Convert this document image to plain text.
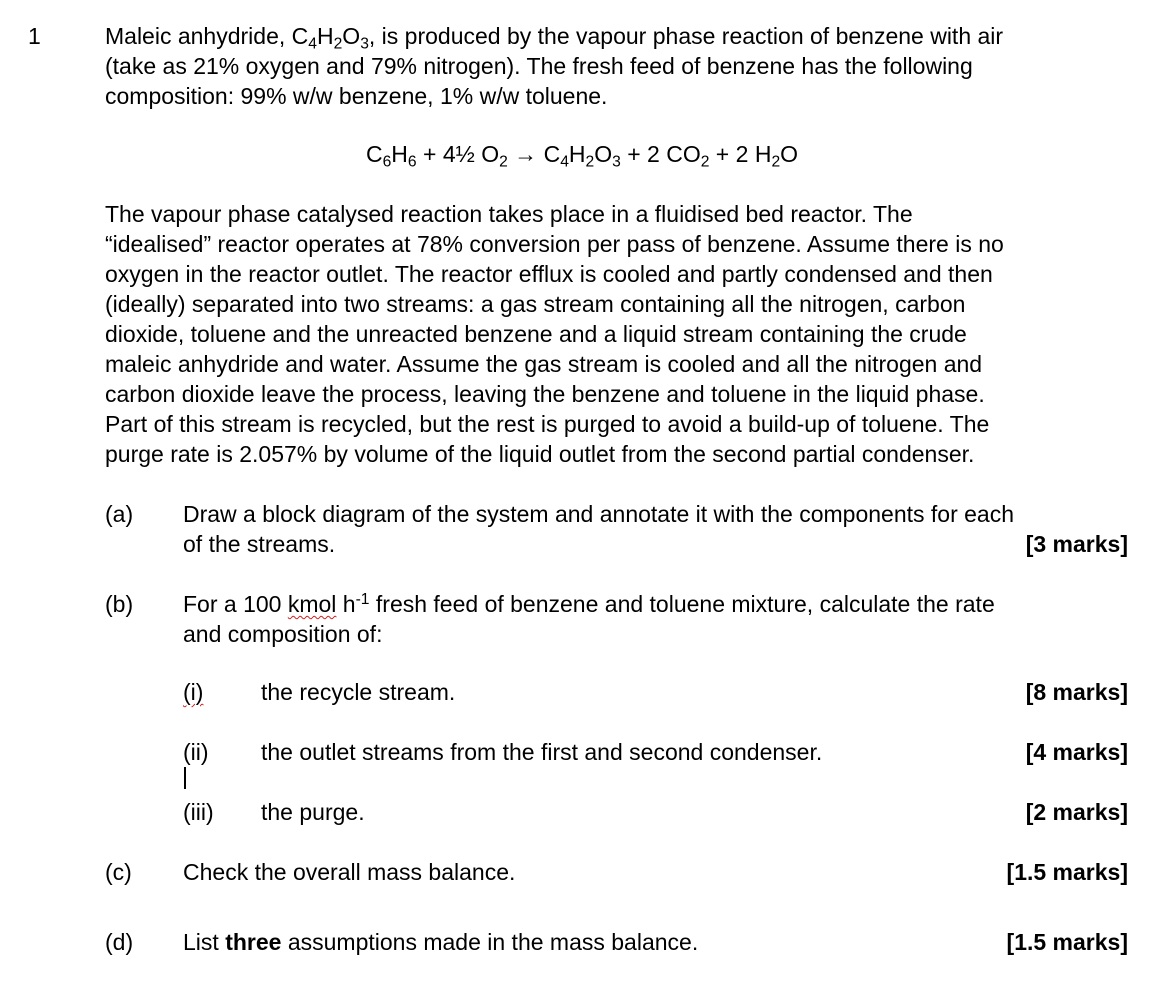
1	Maleic anhydride, $C_4H_2O_3$, is produced by the vapour phase reaction of benzene with air
(take as 21% oxygen and 79% nitrogen). The fresh feed of benzene has the following
composition: 99% w/w benzene, 1% w/w toluene.
$C_6H_6$ + 4½ $O_2 \to C_4H_2O_3 + 2$ $CO_2 + 2$ $H_2O$
The vapour phase catalysed reaction takes place in a fluidised bed reactor. The
“idealised” reactor operates at 78% conversion per pass of benzene. Assume there is no
oxygen in the reactor outlet. The reactor efflux is cooled and partly condensed and then
(ideally) separated into two streams: a gas stream containing all the nitrogen, carbon
dioxide, toluene and the unreacted benzene and a liquid stream containing the crude
maleic anhydride and water. Assume the gas stream is cooled and all the nitrogen and
carbon dioxide leave the process, leaving the benzene and toluene in the liquid phase.
Part of this stream is recycled, but the rest is purged to avoid a build-up of toluene. The
purge rate is 2.057% by volume of the liquid outlet from the second partial condenser.
(a) Draw a block diagram of the system and annotate it with the components for each
of the streams.	[3 marks]
(b) For a 100 kmol $h^{-1}$ fresh feed of benzene and toluene mixture, calculate the rate
and composition of:
(i)	the recycle stream.	[8 marks]
(ii) the outlet streams from the first and second condenser.	[4 marks]
(iii) the purge.	[2 marks]
(c) Check the overall mass balance.	[1.5 marks]
(d) List three assumptions made in the mass balance.	[1.5 marks]
